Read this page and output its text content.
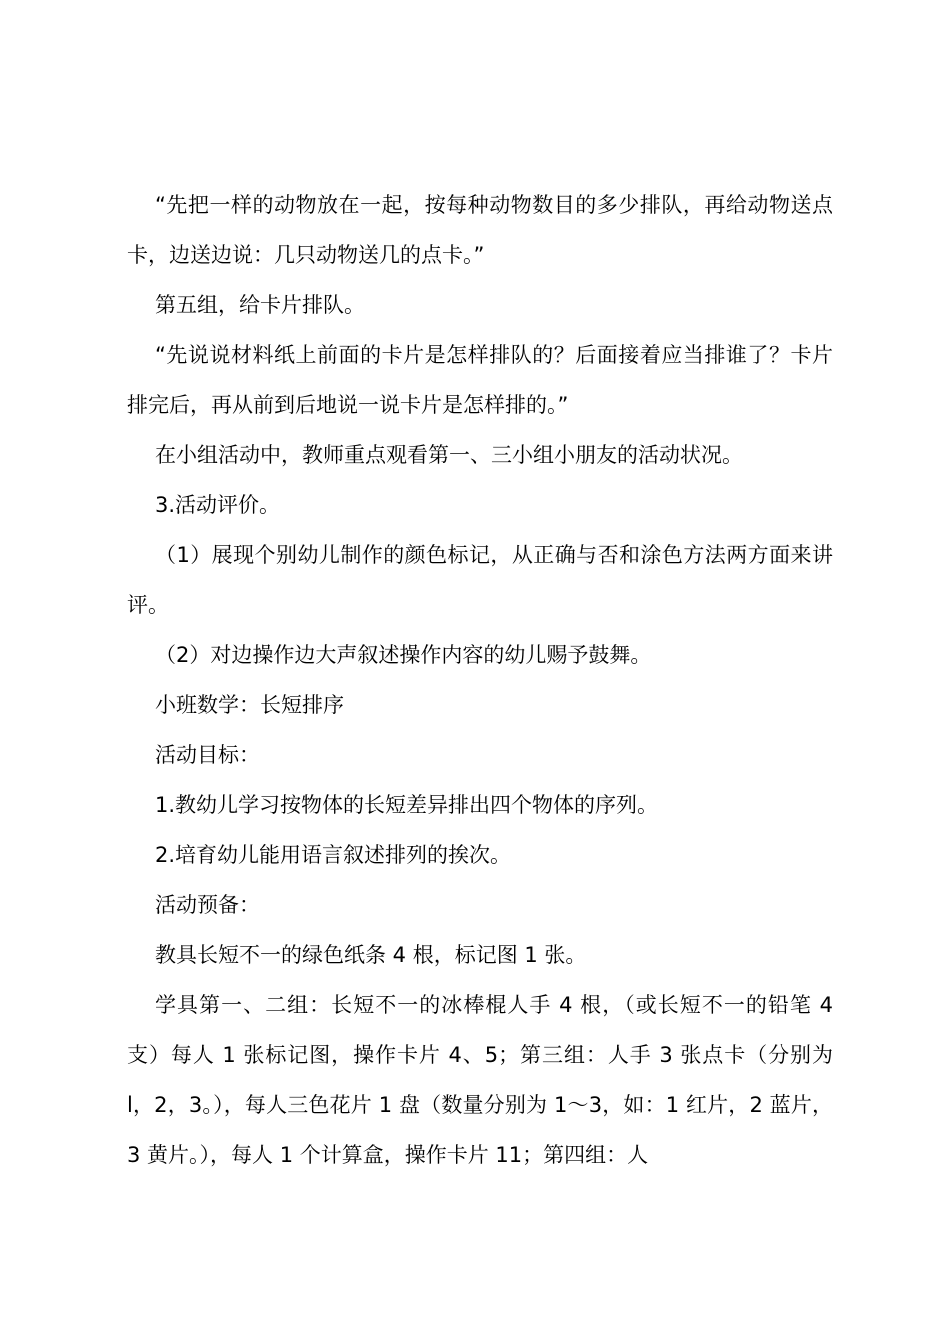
“先把一样的动物放在一起，按每种动物数目的多少排队，再给动物送点卡，边送边说：几只动物送几的点卡。”

第五组，给卡片排队。

“先说说材料纸上前面的卡片是怎样排队的？后面接着应当排谁了？卡片排完后，再从前到后地说一说卡片是怎样排的。”

在小组活动中，教师重点观看第一、三小组小朋友的活动状况。

3.活动评价。

（1）展现个别幼儿制作的颜色标记，从正确与否和涂色方法两方面来讲评。

（2）对边操作边大声叙述操作内容的幼儿赐予鼓舞。

小班数学：长短排序

活动目标：

1.教幼儿学习按物体的长短差异排出四个物体的序列。

2.培育幼儿能用语言叙述排列的挨次。

活动预备：

教具长短不一的绿色纸条 4 根，标记图 1 张。

学具第一、二组：长短不一的冰棒棍人手 4 根，（或长短不一的铅笔 4 支）每人 1 张标记图，操作卡片 4、5；第三组：人手 3 张点卡（分别为 l，2，3。），每人三色花片 1 盘（数量分别为 1～3，如：1 红片，2 蓝片，3 黄片。），每人 1 个计算盒，操作卡片 11；第四组：人
